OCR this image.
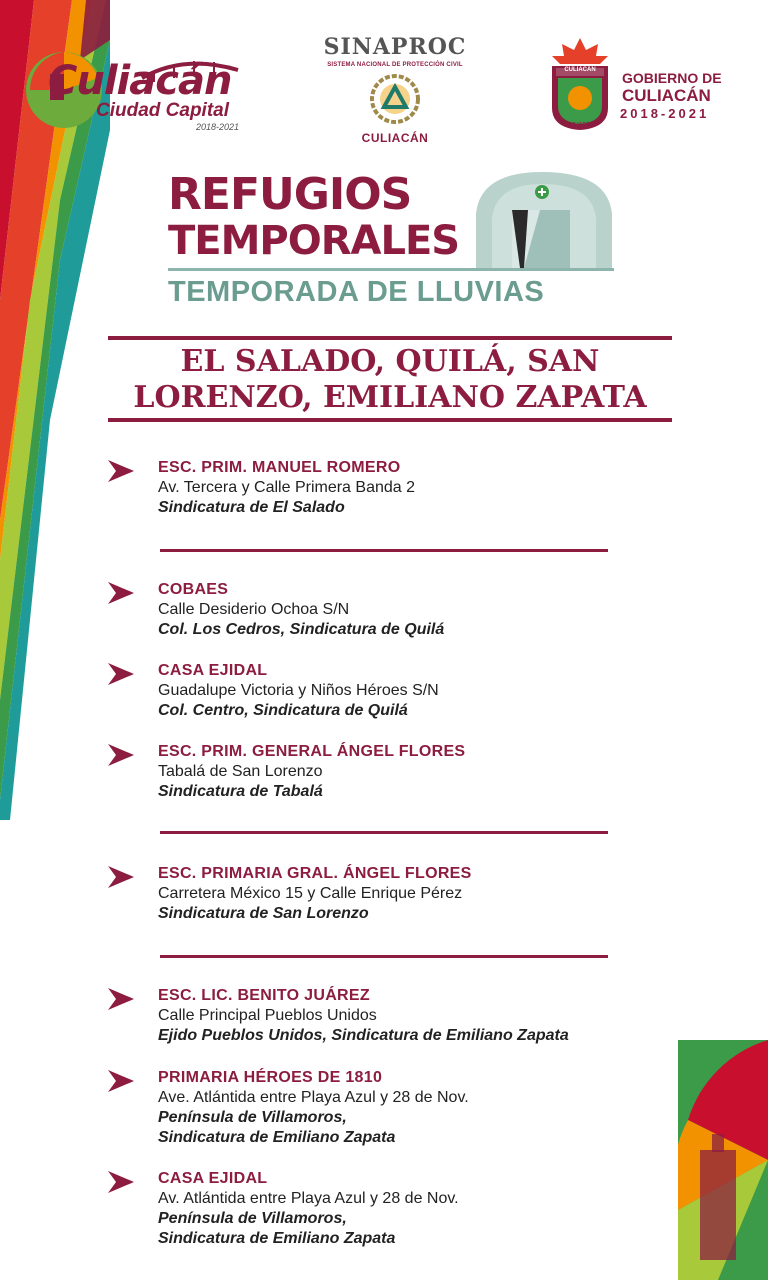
Culiacán
Ciudad Capital
2018-2021
SINAPROC
SISTEMA NACIONAL DE PROTECCIÓN CIVIL
CULIACÁN
CULIACÁN
CULIACÁN
GOBIERNO DE
CULIACÁN
2018-2021
REFUGIOS
TEMPORALES
TEMPORADA DE LLUVIAS
EL SALADO, QUILÁ, SAN
LORENZO, EMILIANO ZAPATA
ESC. PRIM. MANUEL ROMERO
Av. Tercera y Calle Primera Banda 2
Sindicatura de El Salado
COBAES
Calle Desiderio Ochoa S/N
Col. Los Cedros, Sindicatura de Quilá
CASA EJIDAL
Guadalupe Victoria y Niños Héroes S/N
Col. Centro, Sindicatura de Quilá
ESC. PRIM. GENERAL ÁNGEL FLORES
Tabalá de San Lorenzo
Sindicatura de Tabalá
ESC. PRIMARIA GRAL. ÁNGEL FLORES
Carretera México 15 y Calle Enrique Pérez
Sindicatura de San Lorenzo
ESC. LIC. BENITO JUÁREZ
Calle Principal Pueblos Unidos
Ejido Pueblos Unidos, Sindicatura de Emiliano Zapata
PRIMARIA HÉROES DE 1810
Ave. Atlántida entre Playa Azul y 28 de Nov.
Península de Villamoros,
Sindicatura de Emiliano Zapata
CASA EJIDAL
Av. Atlántida entre Playa Azul y 28 de Nov.
Península de Villamoros,
Sindicatura de Emiliano Zapata
